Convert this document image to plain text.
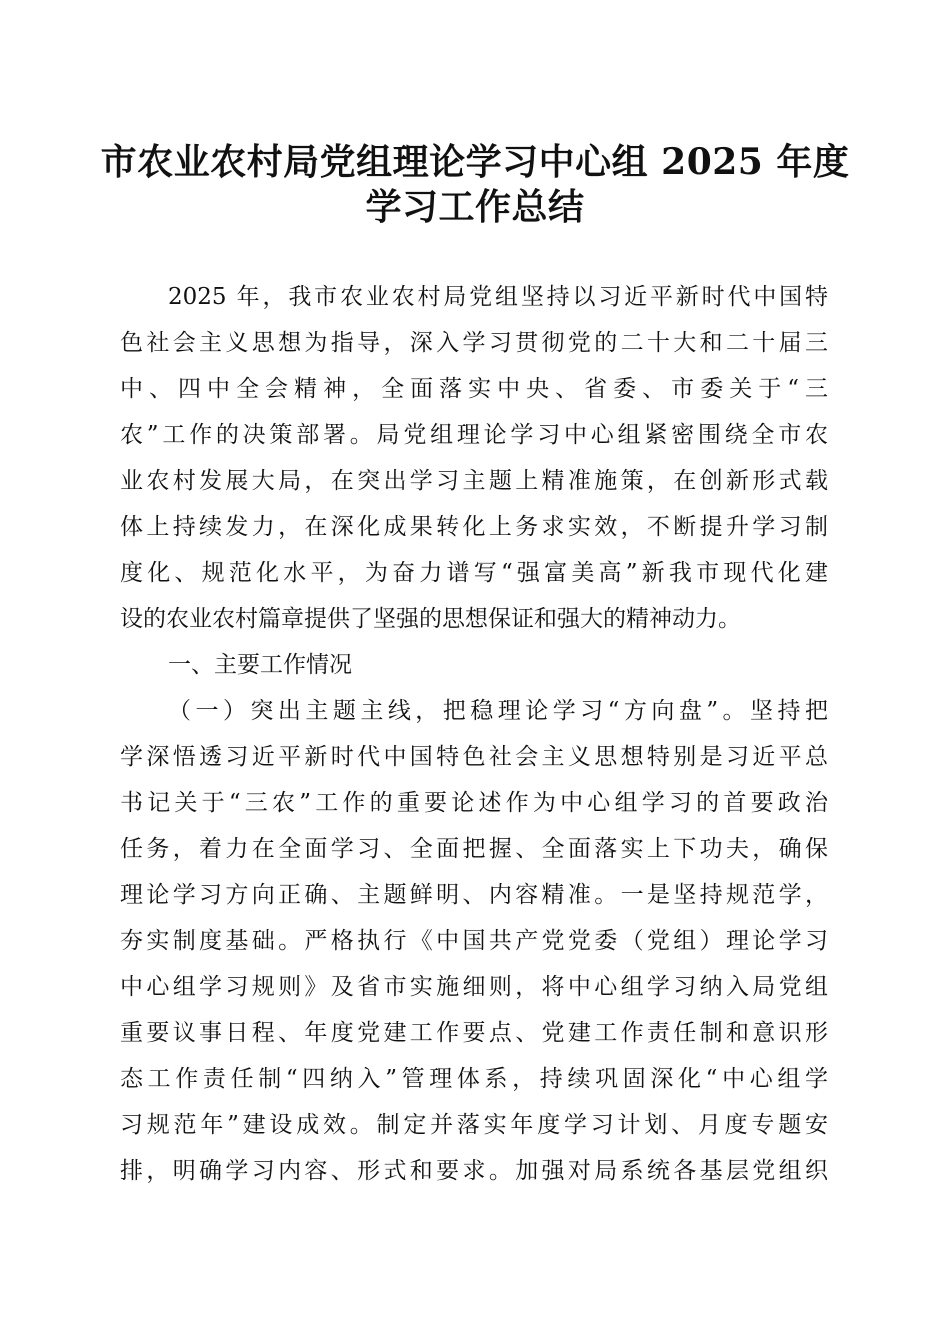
市农业农村局党组理论学习中心组 2025 年度
学习工作总结
2025 年，我市农业农村局党组坚持以习近平新时代中国特
色社会主义思想为指导，深入学习贯彻党的二十大和二十届三
中、四中全会精神，全面落实中央、省委、市委关于“三
农”工作的决策部署。局党组理论学习中心组紧密围绕全市农
业农村发展大局，在突出学习主题上精准施策，在创新形式载
体上持续发力，在深化成果转化上务求实效，不断提升学习制
度化、规范化水平，为奋力谱写“强富美高”新我市现代化建
设的农业农村篇章提供了坚强的思想保证和强大的精神动力。
一、主要工作情况
（一）突出主题主线，把稳理论学习“方向盘”。坚持把
学深悟透习近平新时代中国特色社会主义思想特别是习近平总
书记关于“三农”工作的重要论述作为中心组学习的首要政治
任务，着力在全面学习、全面把握、全面落实上下功夫，确保
理论学习方向正确、主题鲜明、内容精准。一是坚持规范学，
夯实制度基础。严格执行《中国共产党党委（党组）理论学习
中心组学习规则》及省市实施细则，将中心组学习纳入局党组
重要议事日程、年度党建工作要点、党建工作责任制和意识形
态工作责任制“四纳入”管理体系，持续巩固深化“中心组学
习规范年”建设成效。制定并落实年度学习计划、月度专题安
排，明确学习内容、形式和要求。加强对局系统各基层党组织
